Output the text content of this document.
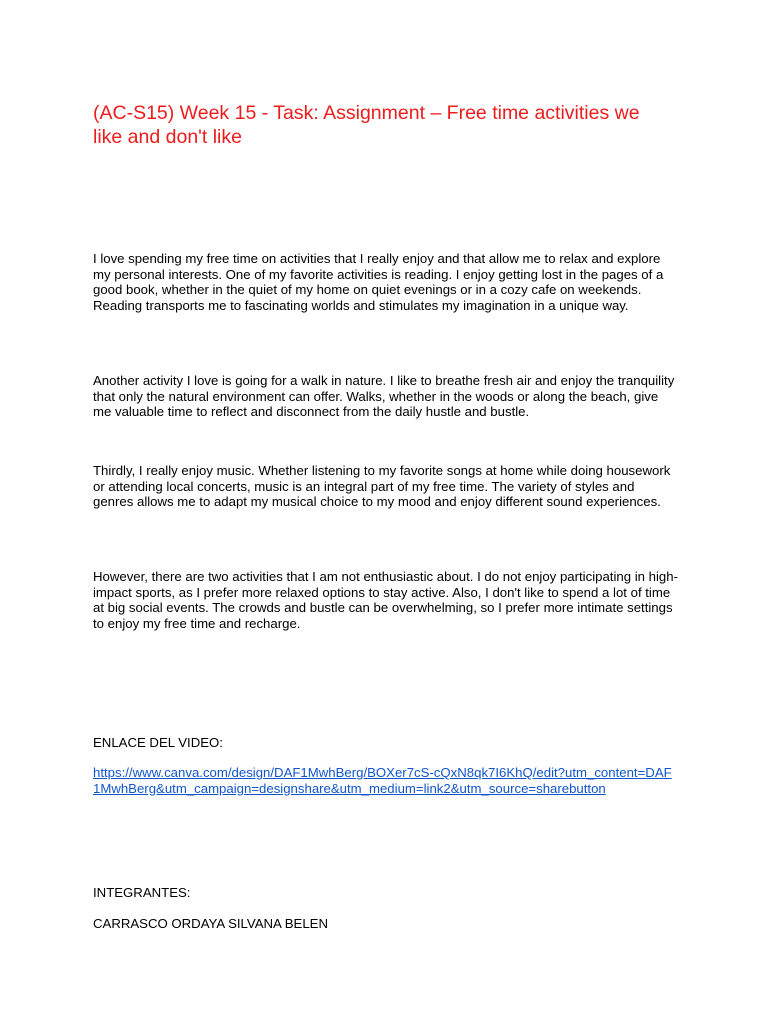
(AC-S15) Week 15 - Task: Assignment – Free time activities we like and don't like

I love spending my free time on activities that I really enjoy and that allow me to relax and explore my personal interests. One of my favorite activities is reading. I enjoy getting lost in the pages of a good book, whether in the quiet of my home on quiet evenings or in a cozy cafe on weekends. Reading transports me to fascinating worlds and stimulates my imagination in a unique way.

Another activity I love is going for a walk in nature. I like to breathe fresh air and enjoy the tranquility that only the natural environment can offer. Walks, whether in the woods or along the beach, give me valuable time to reflect and disconnect from the daily hustle and bustle.

Thirdly, I really enjoy music. Whether listening to my favorite songs at home while doing housework or attending local concerts, music is an integral part of my free time. The variety of styles and genres allows me to adapt my musical choice to my mood and enjoy different sound experiences.

However, there are two activities that I am not enthusiastic about. I do not enjoy participating in high-impact sports, as I prefer more relaxed options to stay active. Also, I don't like to spend a lot of time at big social events. The crowds and bustle can be overwhelming, so I prefer more intimate settings to enjoy my free time and recharge.

ENLACE DEL VIDEO:

https://www.canva.com/design/DAF1MwhBerg/BOXer7cS-cQxN8qk7I6KhQ/edit?utm_content=DAF1MwhBerg&utm_campaign=designshare&utm_medium=link2&utm_source=sharebutton

INTEGRANTES:

CARRASCO ORDAYA SILVANA BELEN
